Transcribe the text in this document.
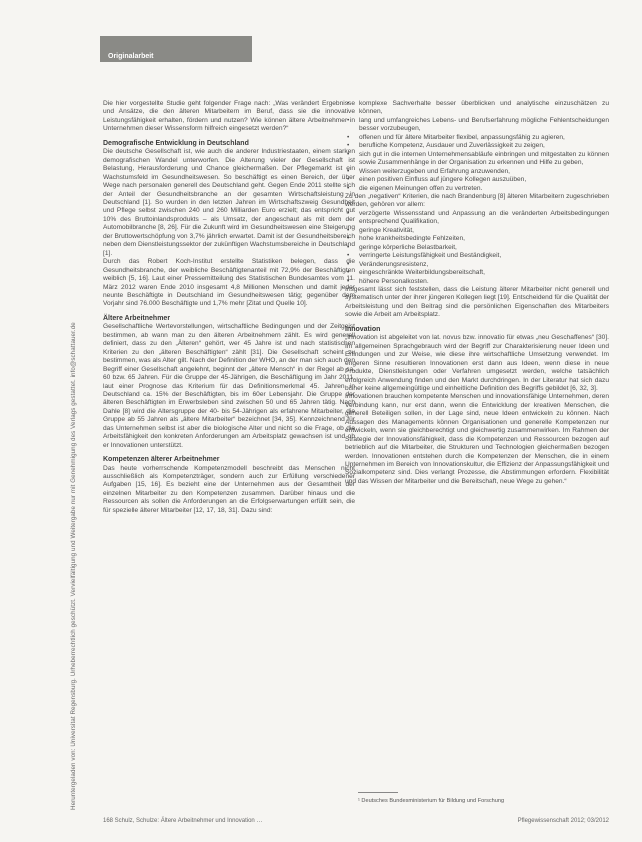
Heruntergeladen von: Universitat Regensburg. Urheberrechtlich geschützt. Vervielfältigung und Weitergabe nur mit Genehmigung des Verlags gestattet. info@schattauer.de
Originalarbeit

Die hier vorgestellte Studie geht folgender Frage nach: „Was verändert Ergebnisse und Ansätze, die den älteren Mitarbeitern im Beruf, dass sie die innovative Leistungsfähigkeit erhalten, fördern und nutzen? Wie können ältere Arbeitnehmer in Unternehmen dieser Wissensform hilfreich eingesetzt werden?“

Demografische Entwicklung in Deutschland

Die deutsche Gesellschaft ist, wie auch die anderer Industriestaaten, einem starken demografischen Wandel unterworfen. Die Alterung vieler der Gesellschaft ist Belastung, Herausforderung und Chance gleichermaßen. Der Pflegemarkt ist ein Wachstumsfeld im Gesundheitswesen. So beschäftigt es einen Bereich, der über Wege nach personalen generell des Deutschland geht. Gegen Ende 2011 stellte sich der Anteil der Gesundheitsbranche an der gesamten Wirtschaftsleistung in Deutschland [1]. So wurden in den letzten Jahren im Wirtschaftszweig Gesundheit und Pflege selbst zwischen 240 und 260 Milliarden Euro erzielt; das entspricht gut 10% des Bruttoinlandsprodukts – als Umsatz, der angeschaut als mit dem der Automobilbranche [8, 26]. Für die Zukunft wird im Gesundheitswesen eine Steigerung der Bruttowertschöpfung von 3,7% jährlich erwartet. Damit ist der Gesundheitsbereich neben dem Dienstleistungssektor der zukünftigen Wachstumsbereiche in Deutschland [1].

Durch das Robert Koch-Institut erstellte Statistiken belegen, dass die Gesundheitsbranche, der weibliche Beschäftigtenanteil mit 72,9% der Beschäftigten weiblich [5, 16]. Laut einer Pressemitteilung des Statistischen Bundesamtes vom 11. März 2012 waren Ende 2010 insgesamt 4,8 Millionen Menschen und damit jeder neunte Beschäftigte in Deutschland im Gesundheitswesen tätig; gegenüber dem Vorjahr sind 76.000 Beschäftigte und 1,7% mehr [Zitat und Quelle 10].

Ältere Arbeitnehmer

Gesellschaftliche Wertevorstellungen, wirtschaftliche Bedingungen und der Zeitgeist bestimmen, ab wann man zu den älteren Arbeitnehmern zählt. Es wird generell definiert, dass zu den „Älteren“ gehört, wer 45 Jahre ist und nach statistischen Kriterien zu den „älteren Beschäftigten“ zählt [31]. Die Gesellschaft scheint zu bestimmen, was als Alter gilt. Nach der Definition der WHO, an der man sich auch den Begriff einer Gesellschaft angelehnt, beginnt der „ältere Mensch“ in der Regel ab ca. 60 bzw. 65 Jahren. Für die Gruppe der 45-Jährigen, die Beschäftigung im Jahr 2011, laut einer Prognose das Kriterium für das Definitionsmerkmal 45. Jahren in Deutschland ca. 15% der Beschäftigten, bis im 60er Lebensjahr. Die Gruppe der älteren Beschäftigten im Erwerbsleben sind zwischen 50 und 65 Jahren tätig. Nach Dahle [8] wird die Altersgruppe der 40- bis 54-Jährigen als erfahrene Mitarbeiter, die Gruppe ab 55 Jahren als „ältere Mitarbeiter“ bezeichnet [34, 35]. Kennzeichnend für das Unternehmen selbst ist aber die biologische Alter und nicht so die Frage, ob die Arbeitsfähigkeit den konkreten Anforderungen am Arbeitsplatz gewachsen ist und ob er Innovationen unterstützt.

Kompetenzen älterer Arbeitnehmer

Das heute vorherrschende Kompetenzmodell beschreibt das Menschen nicht ausschließlich als Kompetenzträger, sondern auch zur Erfüllung verschiedener Aufgaben [15, 16]. Es bezieht eine der Unternehmen aus der Gesamtheit der einzelnen Mitarbeiter zu den Kompetenzen zusammen. Darüber hinaus und die Ressourcen als sollen die Anforderungen an die Erfolgserwartungen erfüllt sein, die für spezielle älterer Mitarbeiter [12, 17, 18, 31]. Dazu sind:

• komplexe Sachverhalte besser überblicken und analytische einzuschätzen zu können,
• lang und umfangreiches Lebens- und Berufserfahrung mögliche Fehlentscheidungen besser vorzubeugen,
• offenen und für ältere Mitarbeiter flexibel, anpassungsfähig zu agieren,
• berufliche Kompetenz, Ausdauer und Zuverlässigkeit zu zeigen,
• sich gut in die internen Unternehmensabläufe einbringen und mitgestalten zu können sowie Zusammenhänge in der Organisation zu erkennen und Hilfe zu geben,
• Wissen weiterzugeben und Erfahrung anzuwenden,
• einen positiven Einfluss auf jüngere Kollegen auszuüben,
• die eigenen Meinungen offen zu vertreten.

Zu den „negativen“ Kriterien, die nach Brandenburg [8] älteren Mitarbeitern zugeschrieben werden, gehören vor allem:

• verzögerte Wissensstand und Anpassung an die veränderten Arbeitsbedingungen entsprechend Qualifikation,
• geringe Kreativität,
• hohe krankheitsbedingte Fehlzeiten,
• geringe körperliche Belastbarkeit,
• verringerte Leistungsfähigkeit und Beständigkeit,
• Veränderungsresistenz,
• eingeschränkte Weiterbildungsbereitschaft,
• höhere Personalkosten.

Insgesamt lässt sich feststellen, dass die Leistung älterer Mitarbeiter nicht generell und systematisch unter der ihrer jüngeren Kollegen liegt [19]. Entscheidend für die Qualität der Arbeitsleistung und den Beitrag sind die persönlichen Eigenschaften des Mitarbeiters sowie die Arbeit am Arbeitsplatz.

Innovation

„Innovation ist abgeleitet von lat. novus bzw. innovatio für etwas „neu Geschaffenes“ [30]. Im allgemeinen Sprachgebrauch wird der Begriff zur Charakterisierung neuer Ideen und Erfindungen und zur Weise, wie diese ihre wirtschaftliche Umsetzung verwendet. Im engeren Sinne resultieren Innovationen erst dann aus Ideen, wenn diese in neue Produkte, Dienstleistungen oder Verfahren umgesetzt werden, welche tatsächlich erfolgreich Anwendung finden und den Markt durchdringen. In der Literatur hat sich dazu bisher keine allgemeingültige und einheitliche Definition des Begriffs gebildet [6, 32, 3].

Innovationen brauchen kompetente Menschen und innovationsfähige Unternehmen, deren Verbindung kann, nur erst dann, wenn die Entwicklung der kreativen Menschen, die generell Beteiligen sollen, in der Lage sind, neue Ideen entwickeln zu können. Nach Aussagen des Managements können Organisationen und generelle Kompetenzen nur entwickeln, wenn sie gleichberechtigt und gleichwertig zusammenwirken. Im Rahmen der Strategie der Innovationsfähigkeit, dass die Kompetenzen und Ressourcen bezogen auf betrieblich auf die Mitarbeiter, die Strukturen und Technologien gleichermaßen bezogen werden. Innovationen entstehen durch die Kompetenzen der Menschen, die in einem Unternehmen im Bereich von Innovationskultur, die Effizienz der Anpassungsfähigkeit und Sozialkompetenz sind. Dies verlangt Prozesse, die Abstimmungen erfordern. Flexibilität und das Wissen der Mitarbeiter und die Bereitschaft, neue Wege zu gehen.“

¹ Deutsches Bundesministerium für Bildung und Forschung
168 Schulz, Schulze: Ältere Arbeitnehmer und Innovation …	Pflegewissenschaft 2012; 03/2012
